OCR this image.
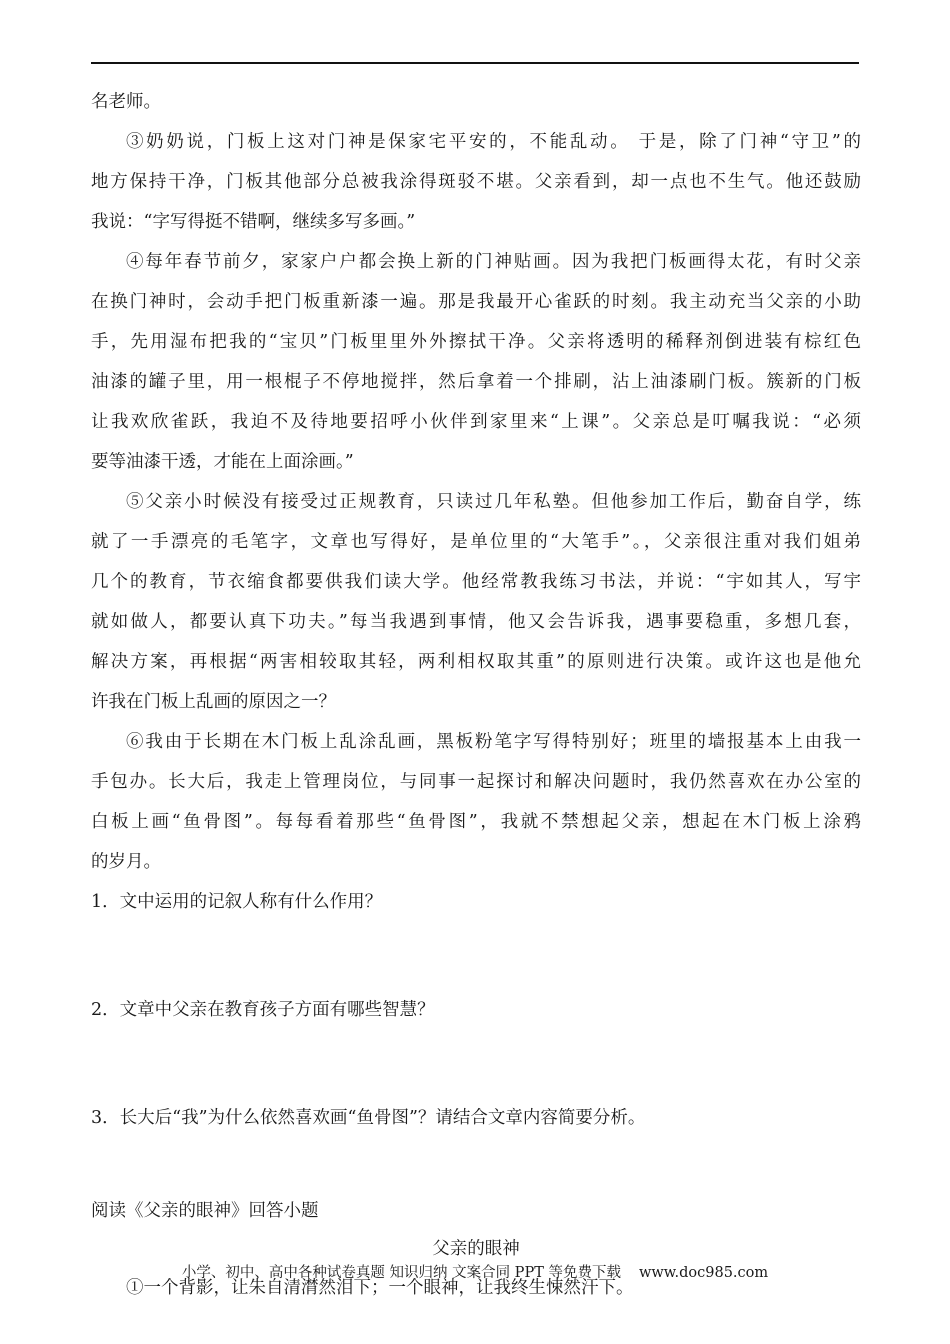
名老师。
③奶奶说，门板上这对门神是保家宅平安的，不能乱动。 于是，除了门神“守卫”的
地方保持干净，门板其他部分总被我涂得斑驳不堪。父亲看到，却一点也不生气。他还鼓励
我说：“字写得挺不错啊，继续多写多画。”
④每年春节前夕，家家户户都会换上新的门神贴画。因为我把门板画得太花，有时父亲
在换门神时，会动手把门板重新漆一遍。那是我最开心雀跃的时刻。我主动充当父亲的小助
手，先用湿布把我的“宝贝”门板里里外外擦拭干净。父亲将透明的稀释剂倒进装有棕红色
油漆的罐子里，用一根棍子不停地搅拌，然后拿着一个排刷，沾上油漆刷门板。簇新的门板
让我欢欣雀跃，我迫不及待地要招呼小伙伴到家里来“上课”。父亲总是叮嘱我说：“必须
要等油漆干透，才能在上面涂画。”
⑤父亲小时候没有接受过正规教育，只读过几年私塾。但他参加工作后，勤奋自学，练
就了一手漂亮的毛笔字，文章也写得好，是单位里的“大笔手”。，父亲很注重对我们姐弟
几个的教育，节衣缩食都要供我们读大学。他经常教我练习书法，并说：“宇如其人，写宇
就如做人，都要认真下功夫。”每当我遇到事情，他又会告诉我，遇事要稳重，多想几套，
解决方案，再根据“两害相较取其轻，两利相权取其重”的原则进行决策。或许这也是他允
许我在门板上乱画的原因之一？
⑥我由于长期在木门板上乱涂乱画，黑板粉笔字写得特别好；班里的墙报基本上由我一
手包办。长大后，我走上管理岗位，与同事一起探讨和解决问题时，我仍然喜欢在办公室的
白板上画“鱼骨图”。每每看着那些“鱼骨图”，我就不禁想起父亲，想起在木门板上涂鸦
的岁月。
1．文中运用的记叙人称有什么作用？
2．文章中父亲在教育孩子方面有哪些智慧？
3．长大后“我”为什么依然喜欢画“鱼骨图”？请结合文章内容简要分析。
阅读《父亲的眼神》回答小题
父亲的眼神
①一个背影，让朱自清潸然泪下；一个眼神，让我终生悚然汗下。
小学、初中、高中各种试卷真题 知识归纳 文案合同 PPT 等免费下载 www.doc985.com
